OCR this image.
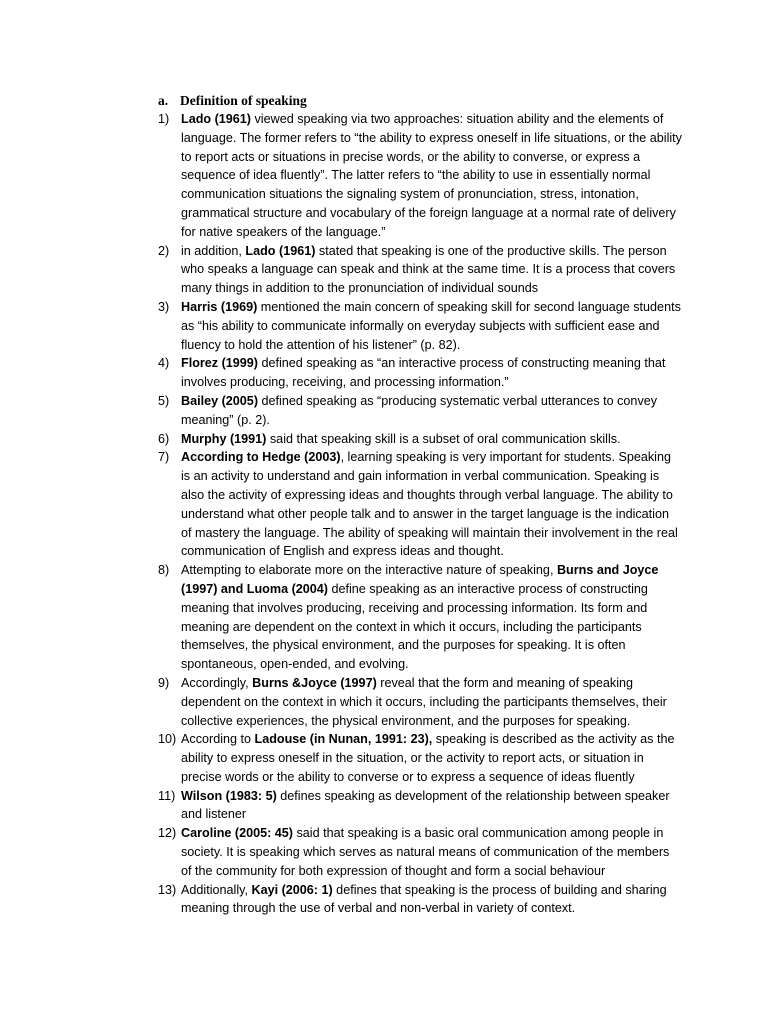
a. Definition of speaking
1) Lado (1961) viewed speaking via two approaches: situation ability and the elements of language. The former refers to “the ability to express oneself in life situations, or the ability to report acts or situations in precise words, or the ability to converse, or express a sequence of idea fluently”. The latter refers to “the ability to use in essentially normal communication situations the signaling system of pronunciation, stress, intonation, grammatical structure and vocabulary of the foreign language at a normal rate of delivery for native speakers of the language.”
2) in addition, Lado (1961) stated that speaking is one of the productive skills. The person who speaks a language can speak and think at the same time. It is a process that covers many things in addition to the pronunciation of individual sounds
3) Harris (1969) mentioned the main concern of speaking skill for second language students as “his ability to communicate informally on everyday subjects with sufficient ease and fluency to hold the attention of his listener” (p. 82).
4) Florez (1999) defined speaking as “an interactive process of constructing meaning that involves producing, receiving, and processing information.”
5) Bailey (2005) defined speaking as “producing systematic verbal utterances to convey meaning” (p. 2).
6) Murphy (1991) said that speaking skill is a subset of oral communication skills.
7) According to Hedge (2003), learning speaking is very important for students. Speaking is an activity to understand and gain information in verbal communication. Speaking is also the activity of expressing ideas and thoughts through verbal language. The ability to understand what other people talk and to answer in the target language is the indication of mastery the language. The ability of speaking will maintain their involvement in the real communication of English and express ideas and thought.
8) Attempting to elaborate more on the interactive nature of speaking, Burns and Joyce (1997) and Luoma (2004) define speaking as an interactive process of constructing meaning that involves producing, receiving and processing information. Its form and meaning are dependent on the context in which it occurs, including the participants themselves, the physical environment, and the purposes for speaking. It is often spontaneous, open-ended, and evolving.
9) Accordingly, Burns &Joyce (1997) reveal that the form and meaning of speaking dependent on the context in which it occurs, including the participants themselves, their collective experiences, the physical environment, and the purposes for speaking.
10) According to Ladouse (in Nunan, 1991: 23), speaking is described as the activity as the ability to express oneself in the situation, or the activity to report acts, or situation in precise words or the ability to converse or to express a sequence of ideas fluently
11) Wilson (1983: 5) defines speaking as development of the relationship between speaker and listener
12) Caroline (2005: 45) said that speaking is a basic oral communication among people in society. It is speaking which serves as natural means of communication of the members of the community for both expression of thought and form a social behaviour
13) Additionally, Kayi (2006: 1) defines that speaking is the process of building and sharing meaning through the use of verbal and non-verbal in variety of context.
